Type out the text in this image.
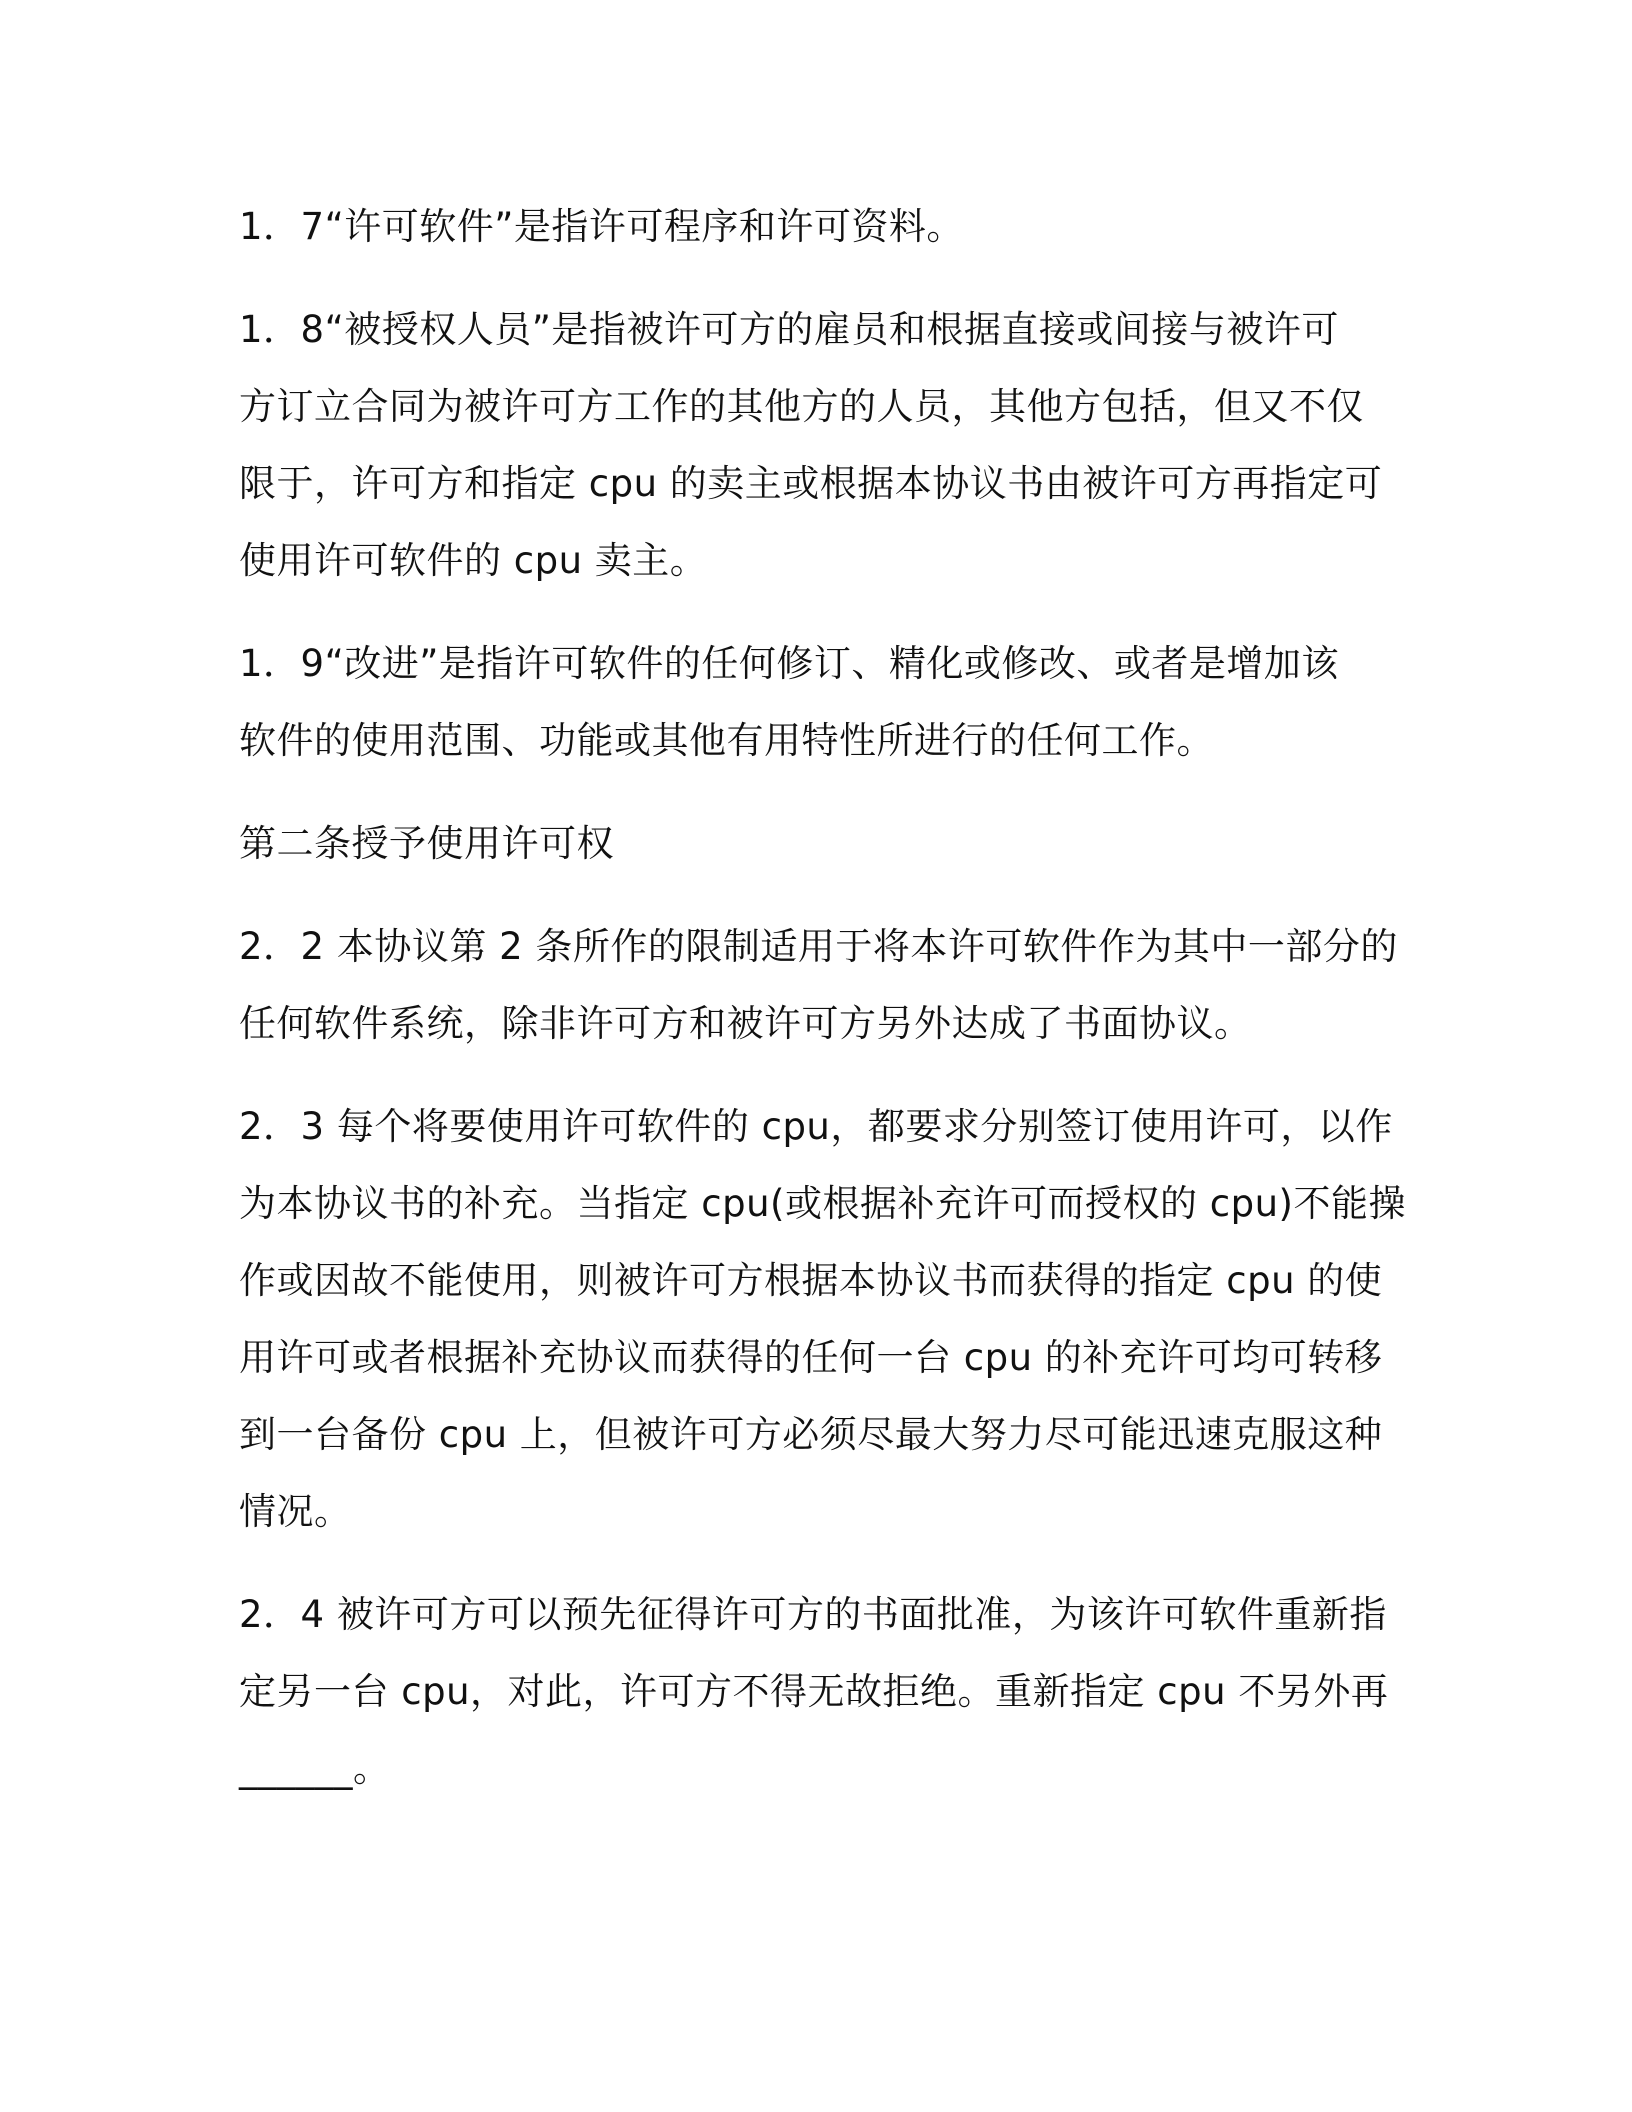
1．7“许可软件”是指许可程序和许可资料。

1．8“被授权人员”是指被许可方的雇员和根据直接或间接与被许可
方订立合同为被许可方工作的其他方的人员，其他方包括，但又不仅
限于，许可方和指定 cpu 的卖主或根据本协议书由被许可方再指定可
使用许可软件的 cpu 卖主。

1．9“改进”是指许可软件的任何修订、精化或修改、或者是增加该
软件的使用范围、功能或其他有用特性所进行的任何工作。

第二条授予使用许可权

2．2 本协议第 2 条所作的限制适用于将本许可软件作为其中一部分的
任何软件系统，除非许可方和被许可方另外达成了书面协议。

2．3 每个将要使用许可软件的 cpu，都要求分别签订使用许可，以作
为本协议书的补充。当指定 cpu(或根据补充许可而授权的 cpu)不能操
作或因故不能使用，则被许可方根据本协议书而获得的指定 cpu 的使
用许可或者根据补充协议而获得的任何一台 cpu 的补充许可均可转移
到一台备份 cpu 上，但被许可方必须尽最大努力尽可能迅速克服这种
情况。

2．4 被许可方可以预先征得许可方的书面批准，为该许可软件重新指
定另一台 cpu，对此，许可方不得无故拒绝。重新指定 cpu 不另外再
______。
